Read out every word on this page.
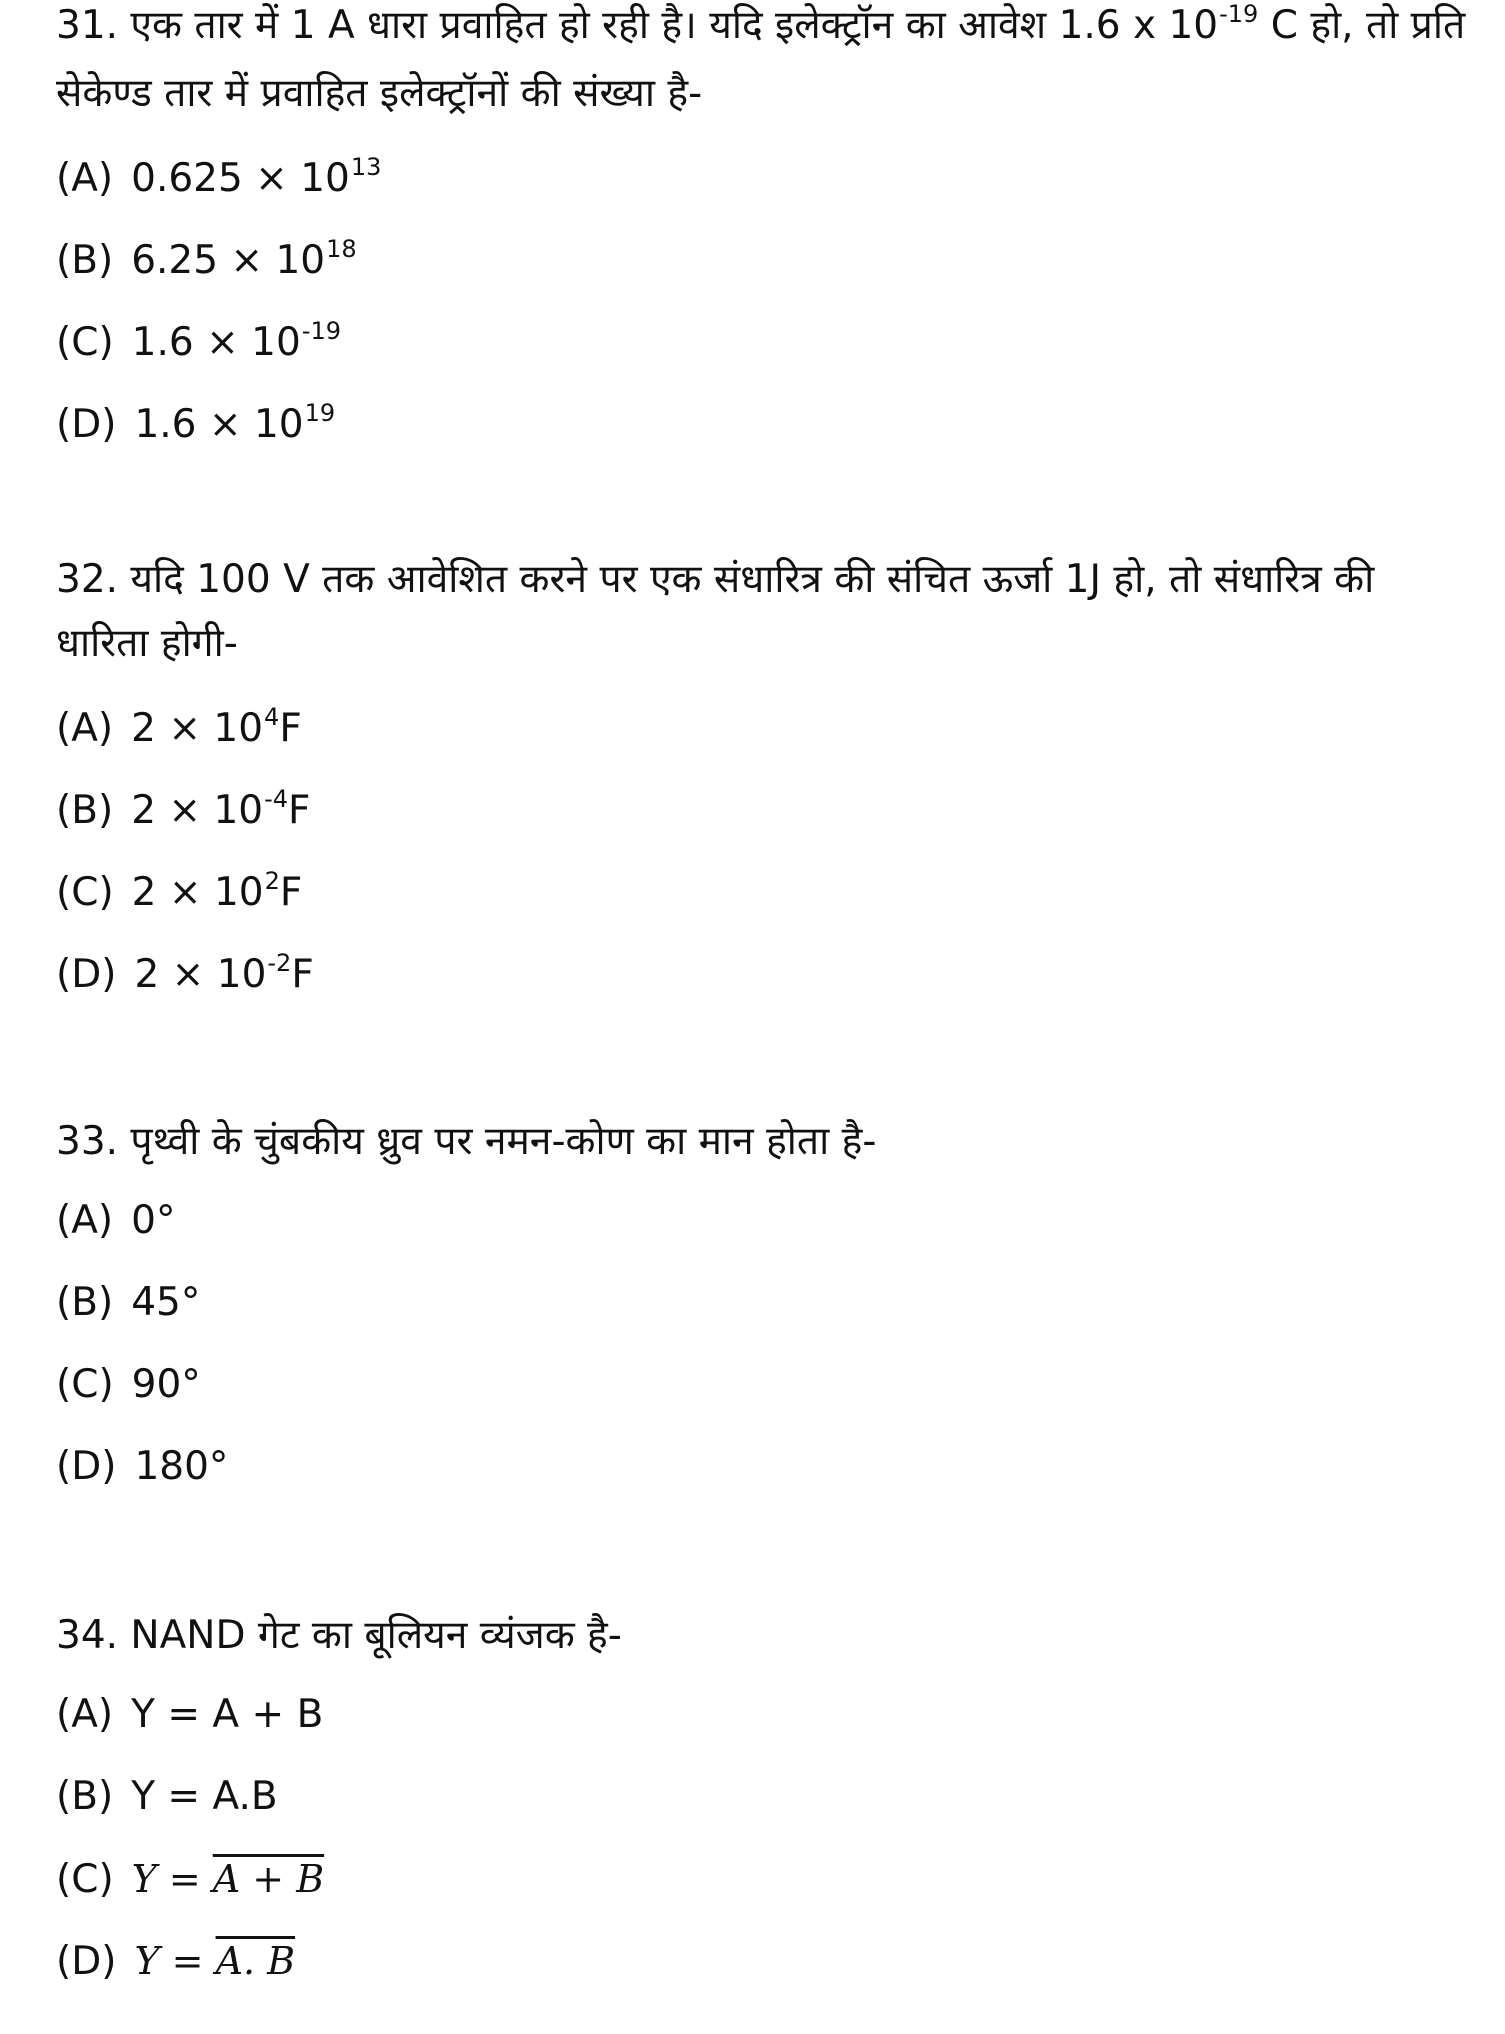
31. एक तार में 1 A धारा प्रवाहित हो रही है। यदि इलेक्ट्रॉन का आवेश 1.6 x $10^{-19}$ C हो, तो प्रति सेकेण्ड तार में प्रवाहित इलेक्ट्रॉनों की संख्या है-

(A) $0.625 \times 10^{13}$
(B) $6.25 \times 10^{18}$
(C) $1.6 \times 10^{-19}$
(D) $1.6 \times 10^{19}$

32. यदि 100 V तक आवेशित करने पर एक संधारित्र की संचित ऊर्जा 1J हो, तो संधारित्र की धारिता होगी-

(A) $2 \times 10^4F$
(B) $2 \times 10^{-4}F$
(C) $2 \times 10^2F$
(D) $2 \times 10^{-2}F$

33. पृथ्वी के चुंबकीय ध्रुव पर नमन-कोण का मान होता है-

(A) 0°
(B) 45°
(C) 90°
(D) 180°

34. NAND गेट का बूलियन व्यंजक है-

(A) Y = A + B
(B) Y = A.B
(C) Y = A + B
(D) Y = A. B
